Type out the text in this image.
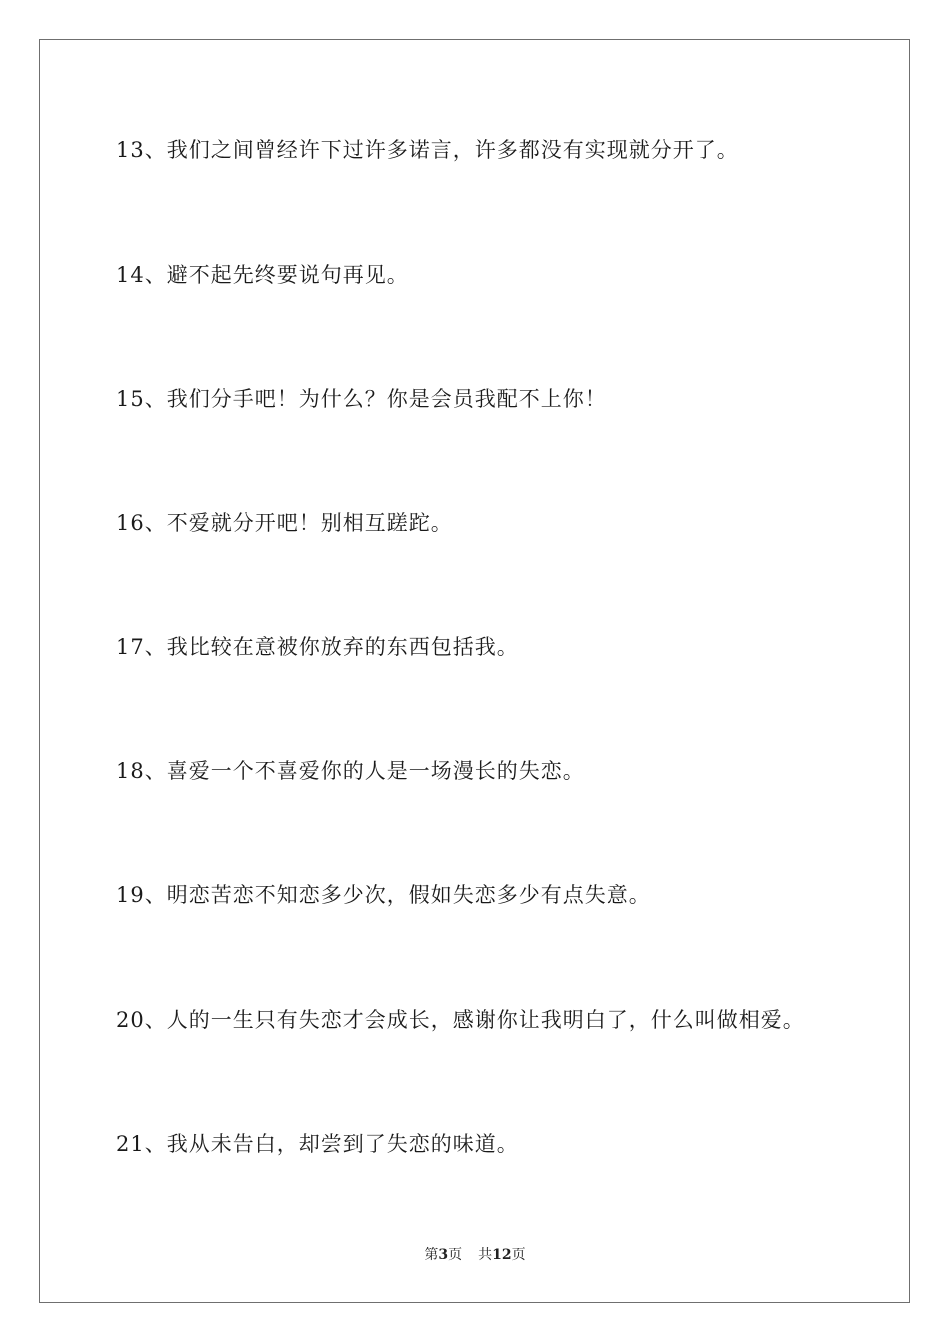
13、我们之间曾经许下过许多诺言，许多都没有实现就分开了。
14、避不起先终要说句再见。
15、我们分手吧！为什么？你是会员我配不上你！
16、不爱就分开吧！别相互蹉跎。
17、我比较在意被你放弃的东西包括我。
18、喜爱一个不喜爱你的人是一场漫长的失恋。
19、明恋苦恋不知恋多少次，假如失恋多少有点失意。
20、人的一生只有失恋才会成长，感谢你让我明白了，什么叫做相爱。
21、我从未告白，却尝到了失恋的味道。
第3页 共12页
